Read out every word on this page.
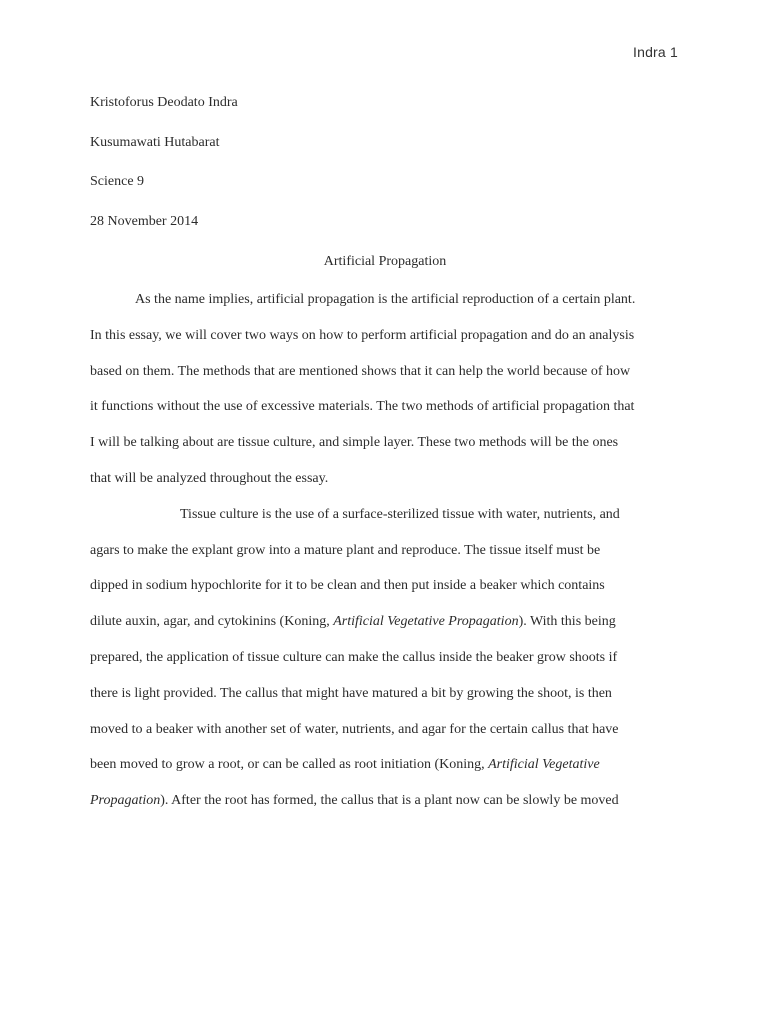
Indra 1
Kristoforus Deodato Indra
Kusumawati Hutabarat
Science 9
28 November 2014
Artificial Propagation
As the name implies, artificial propagation is the artificial reproduction of a certain plant.
In this essay, we will cover two ways on how to perform artificial propagation and do an analysis
based on them. The methods that are mentioned shows that it can help the world because of how
it functions without the use of excessive materials. The two methods of artificial propagation that
I will be talking about are tissue culture, and simple layer. These two methods will be the ones
that will be analyzed throughout the essay.
Tissue culture is the use of a surface-sterilized tissue with water, nutrients, and
agars to make the explant grow into a mature plant and reproduce. The tissue itself must be
dipped in sodium hypochlorite for it to be clean and then put inside a beaker which contains
dilute auxin, agar, and cytokinins (Koning, Artificial Vegetative Propagation). With this being
prepared, the application of tissue culture can make the callus inside the beaker grow shoots if
there is light provided. The callus that might have matured a bit by growing the shoot, is then
moved to a beaker with another set of water, nutrients, and agar for the certain callus that have
been moved to grow a root, or can be called as root initiation (Koning, Artificial Vegetative
Propagation). After the root has formed, the callus that is a plant now can be slowly be moved
